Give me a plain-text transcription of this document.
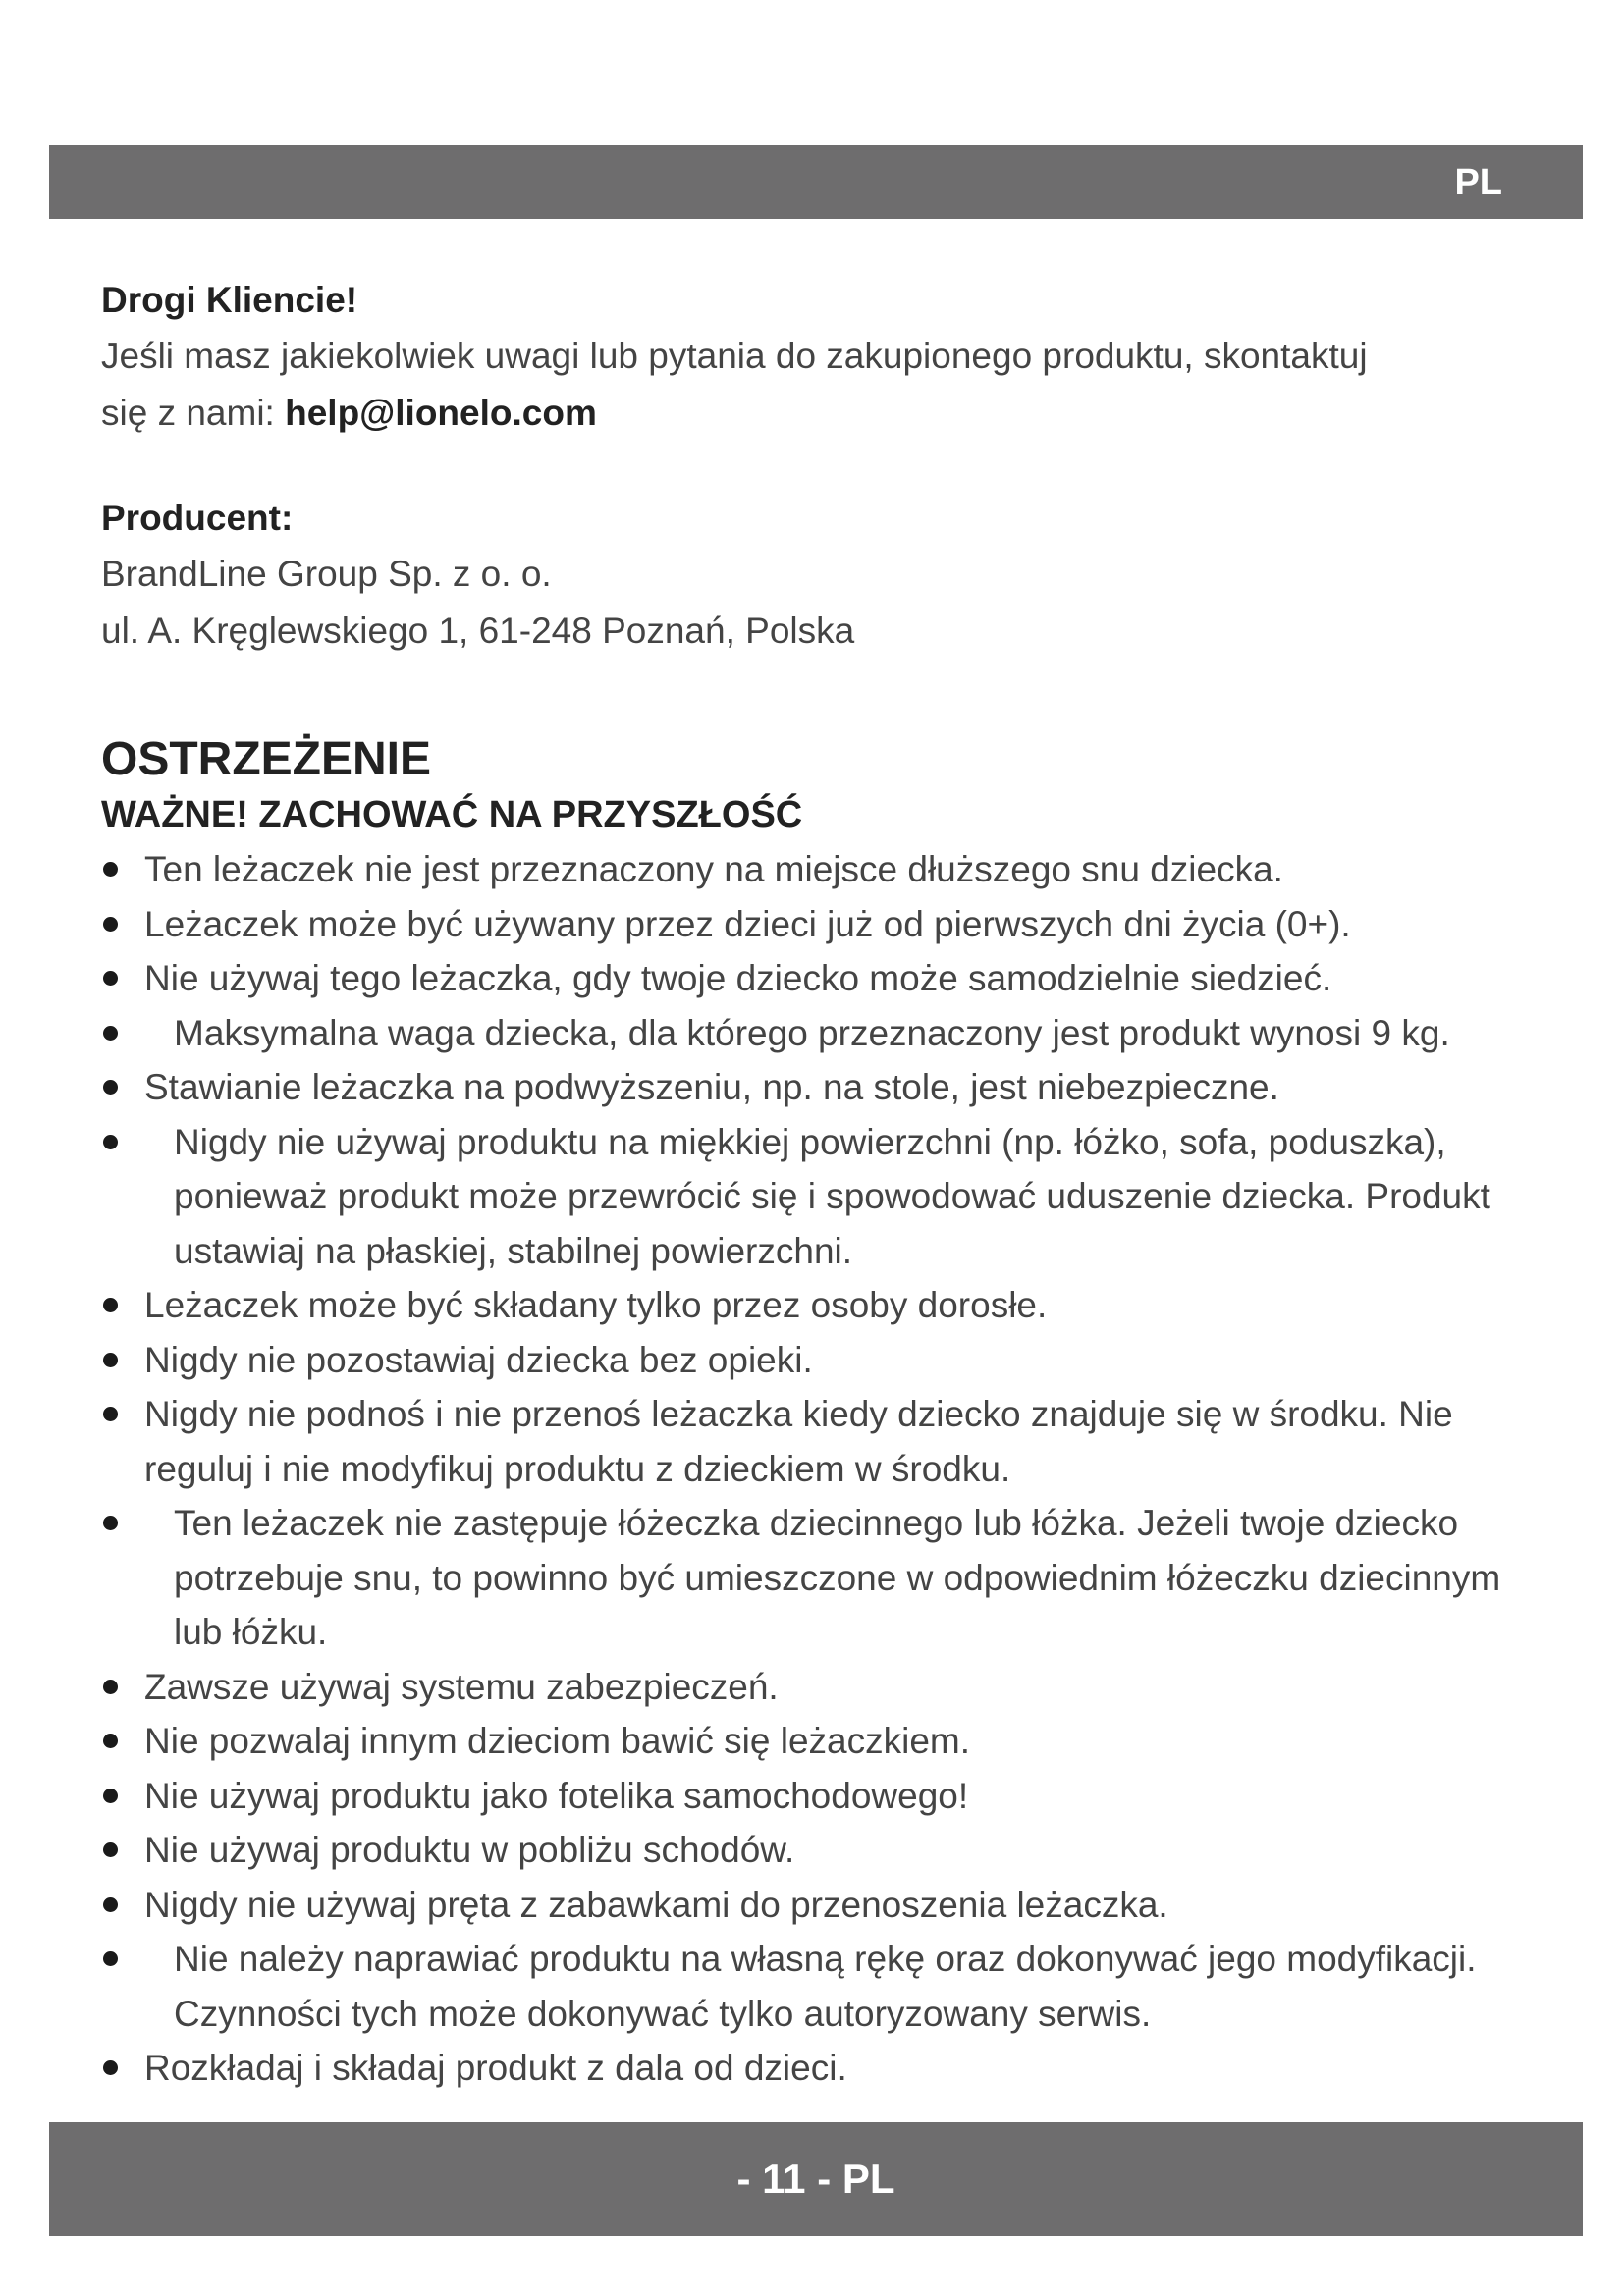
PL
Drogi Kliencie!
Jeśli masz jakiekolwiek uwagi lub pytania do zakupionego produktu, skontaktuj
się z nami: help@lionelo.com
Producent:
BrandLine Group Sp. z o. o.
ul. A. Kręglewskiego 1, 61-248 Poznań, Polska
OSTRZEŻENIE
WAŻNE! ZACHOWAĆ NA PRZYSZŁOŚĆ
Ten leżaczek nie jest przeznaczony na miejsce dłuższego snu dziecka.
Leżaczek może być używany przez dzieci już od pierwszych dni życia (0+).
Nie używaj tego leżaczka, gdy twoje dziecko może samodzielnie siedzieć.
Maksymalna waga dziecka, dla którego przeznaczony jest produkt wynosi 9 kg.
Stawianie leżaczka na podwyższeniu, np. na stole, jest niebezpieczne.
Nigdy nie używaj produktu na miękkiej powierzchni (np. łóżko, sofa, poduszka), ponieważ produkt może przewrócić się i spowodować uduszenie dziecka. Produkt ustawiaj na płaskiej, stabilnej powierzchni.
Leżaczek może być składany tylko przez osoby dorosłe.
Nigdy nie pozostawiaj dziecka bez opieki.
Nigdy nie podnoś i nie przenoś leżaczka kiedy dziecko znajduje się w środku. Nie reguluj i nie modyfikuj produktu z dzieckiem w środku.
Ten leżaczek nie zastępuje łóżeczka dziecinnego lub łóżka. Jeżeli twoje dziecko potrzebuje snu, to powinno być umieszczone w odpowiednim łóżeczku dziecinnym lub łóżku.
Zawsze używaj systemu zabezpieczeń.
Nie pozwalaj innym dzieciom bawić się leżaczkiem.
Nie używaj produktu jako fotelika samochodowego!
Nie używaj produktu w pobliżu schodów.
Nigdy nie używaj pręta z zabawkami do przenoszenia leżaczka.
Nie należy naprawiać produktu na własną rękę oraz dokonywać jego modyfikacji. Czynności tych może dokonywać tylko autoryzowany serwis.
Rozkładaj i składaj produkt z dala od dzieci.
- 11 - PL
